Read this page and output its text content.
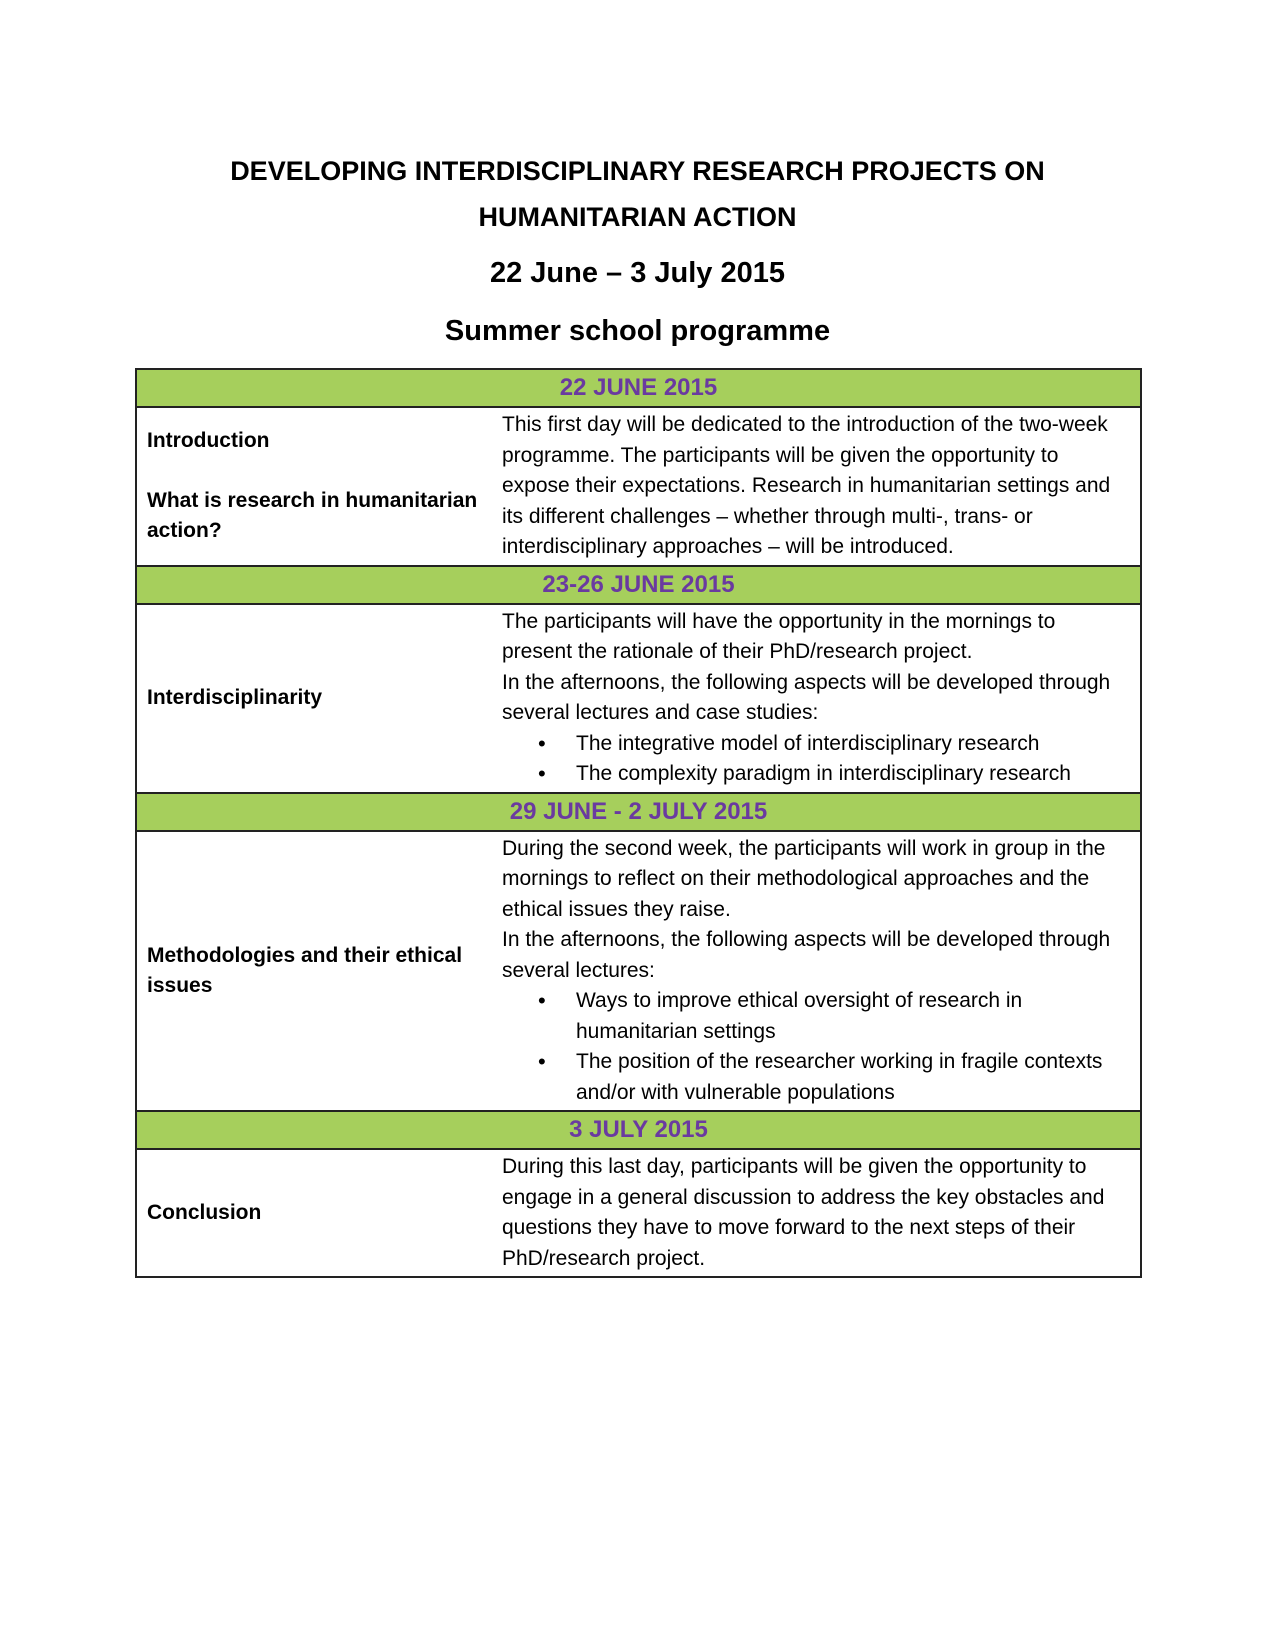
DEVELOPING INTERDISCIPLINARY RESEARCH PROJECTS ON
HUMANITARIAN ACTION
22 June – 3 July 2015
Summer school programme
22 JUNE 2015
Introduction
What is research in humanitarian action?

This first day will be dedicated to the introduction of the two-week programme. The participants will be given the opportunity to expose their expectations. Research in humanitarian settings and its different challenges – whether through multi-, trans- or interdisciplinary approaches – will be introduced.

23-26 JUNE 2015
Interdisciplinarity

The participants will have the opportunity in the mornings to present the rationale of their PhD/research project.

In the afternoons, the following aspects will be developed through several lectures and case studies:

• The integrative model of interdisciplinary research
• The complexity paradigm in interdisciplinary research
29 JUNE - 2 JULY 2015
Methodologies and their ethical issues

During the second week, the participants will work in group in the mornings to reflect on their methodological approaches and the ethical issues they raise.

In the afternoons, the following aspects will be developed through several lectures:

• Ways to improve ethical oversight of research in humanitarian settings
• The position of the researcher working in fragile contexts and/or with vulnerable populations
3 JULY 2015
Conclusion

During this last day, participants will be given the opportunity to engage in a general discussion to address the key obstacles and questions they have to move forward to the next steps of their PhD/research project.
